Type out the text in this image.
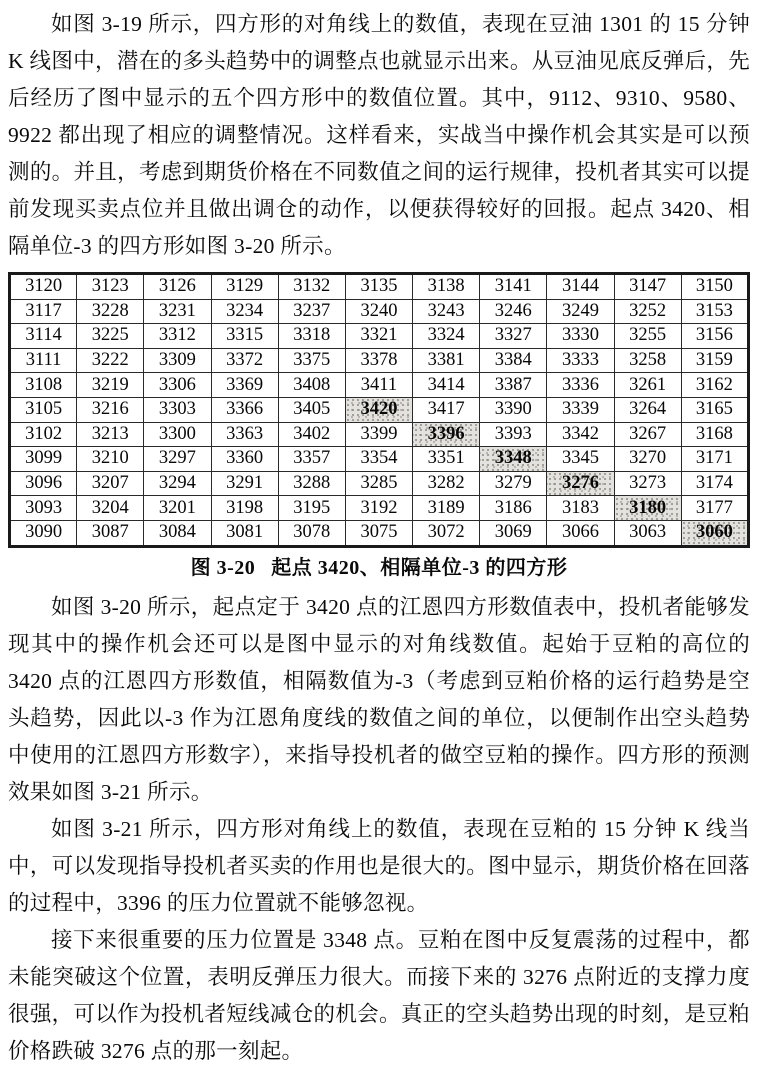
如图 3-19 所示，四方形的对角线上的数值，表现在豆油 1301 的 15 分钟 K 线图中，潜在的多头趋势中的调整点也就显示出来。从豆油见底反弹后，先后经历了图中显示的五个四方形中的数值位置。其中，9112、9310、9580、9922 都出现了相应的调整情况。这样看来，实战当中操作机会其实是可以预测的。并且，考虑到期货价格在不同数值之间的运行规律，投机者其实可以提前发现买卖点位并且做出调仓的动作，以便获得较好的回报。起点 3420、相隔单位-3 的四方形如图 3-20 所示。

3120	3123	3126	3129	3132	3135	3138	3141	3144	3147	3150
3117	3228	3231	3234	3237	3240	3243	3246	3249	3252	3153
3114	3225	3312	3315	3318	3321	3324	3327	3330	3255	3156
3111	3222	3309	3372	3375	3378	3381	3384	3333	3258	3159
3108	3219	3306	3369	3408	3411	3414	3387	3336	3261	3162
3105	3216	3303	3366	3405	3420	3417	3390	3339	3264	3165
3102	3213	3300	3363	3402	3399	3396	3393	3342	3267	3168
3099	3210	3297	3360	3357	3354	3351	3348	3345	3270	3171
3096	3207	3294	3291	3288	3285	3282	3279	3276	3273	3174
3093	3204	3201	3198	3195	3192	3189	3186	3183	3180	3177
3090	3087	3084	3081	3078	3075	3072	3069	3066	3063	3060
图 3-20 起点 3420、相隔单位-3 的四方形

如图 3-20 所示，起点定于 3420 点的江恩四方形数值表中，投机者能够发现其中的操作机会还可以是图中显示的对角线数值。起始于豆粕的高位的 3420 点的江恩四方形数值，相隔数值为-3（考虑到豆粕价格的运行趋势是空头趋势，因此以-3 作为江恩角度线的数值之间的单位，以便制作出空头趋势中使用的江恩四方形数字），来指导投机者的做空豆粕的操作。四方形的预测效果如图 3-21 所示。

如图 3-21 所示，四方形对角线上的数值，表现在豆粕的 15 分钟 K 线当中，可以发现指导投机者买卖的作用也是很大的。图中显示，期货价格在回落的过程中，3396 的压力位置就不能够忽视。

接下来很重要的压力位置是 3348 点。豆粕在图中反复震荡的过程中，都未能突破这个位置，表明反弹压力很大。而接下来的 3276 点附近的支撑力度很强，可以作为投机者短线减仓的机会。真正的空头趋势出现的时刻，是豆粕价格跌破 3276 点的那一刻起。
